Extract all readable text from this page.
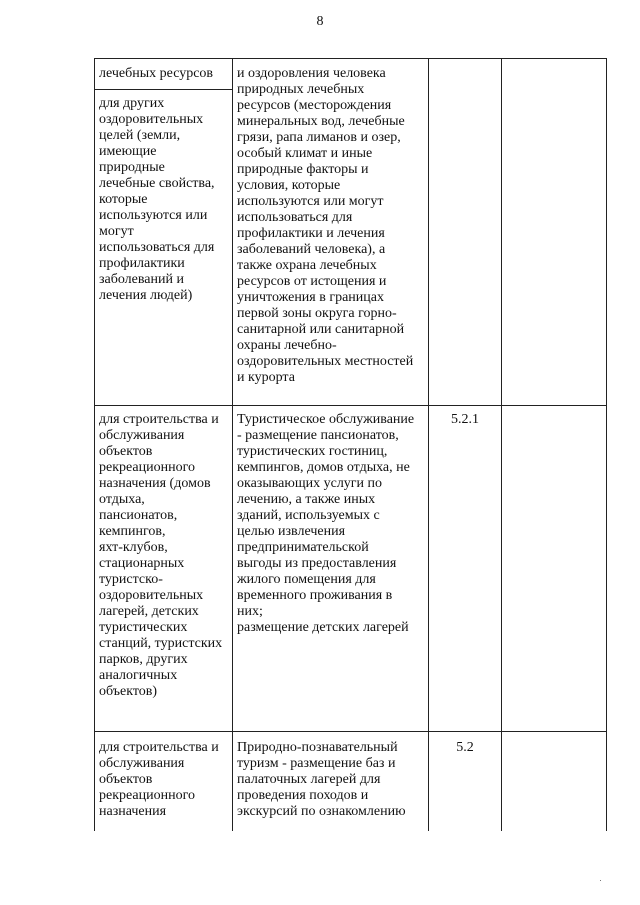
8
лечебных ресурсов
для других
оздоровительных
целей (земли,
имеющие
природные
лечебные свойства,
которые
используются или
могут
использоваться для
профилактики
заболеваний и
лечения людей)
и оздоровления человека
природных лечебных
ресурсов (месторождения
минеральных вод, лечебные
грязи, рапа лиманов и озер,
особый климат и иные
природные факторы и
условия, которые
используются или могут
использоваться для
профилактики и лечения
заболеваний человека), а
также охрана лечебных
ресурсов от истощения и
уничтожения в границах
первой зоны округа горно-
санитарной или санитарной
охраны лечебно-
оздоровительных местностей
и курорта
для строительства и
обслуживания
объектов
рекреационного
назначения (домов
отдыха,
пансионатов,
кемпингов,
яхт-клубов,
стационарных
туристско-
оздоровительных
лагерей, детских
туристических
станций, туристских
парков, других
аналогичных
объектов)
Туристическое обслуживание
- размещение пансионатов,
туристических гостиниц,
кемпингов, домов отдыха, не
оказывающих услуги по
лечению, а также иных
зданий, используемых с
целью извлечения
предпринимательской
выгоды из предоставления
жилого помещения для
временного проживания в
них;
размещение детских лагерей
5.2.1
для строительства и
обслуживания
объектов
рекреационного
назначения
Природно-познавательный
туризм - размещение баз и
палаточных лагерей для
проведения походов и
экскурсий по ознакомлению
5.2
